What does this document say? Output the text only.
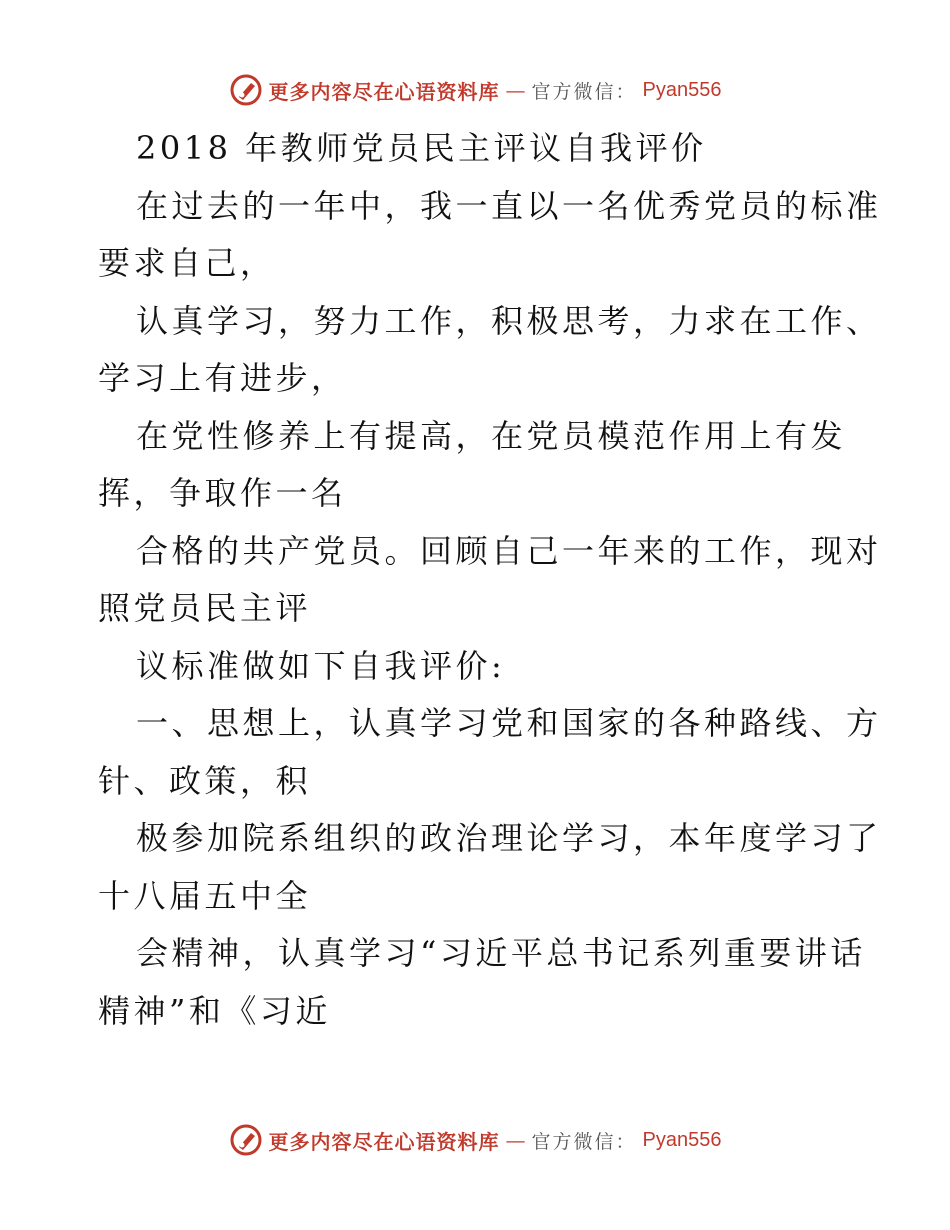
更多内容尽在心语资料库 — 官方微信： Pyan556
2018 年教师党员民主评议自我评价
在过去的一年中，我一直以一名优秀党员的标准
要求自己，
认真学习，努力工作，积极思考，力求在工作、
学习上有进步，
在党性修养上有提高，在党员模范作用上有发
挥，争取作一名
合格的共产党员。回顾自己一年来的工作，现对
照党员民主评
议标准做如下自我评价:
一、思想上，认真学习党和国家的各种路线、方
针、政策，积
极参加院系组织的政治理论学习，本年度学习了
十八届五中全
会精神，认真学习“习近平总书记系列重要讲话
精神”和《习近
更多内容尽在心语资料库 — 官方微信： Pyan556
